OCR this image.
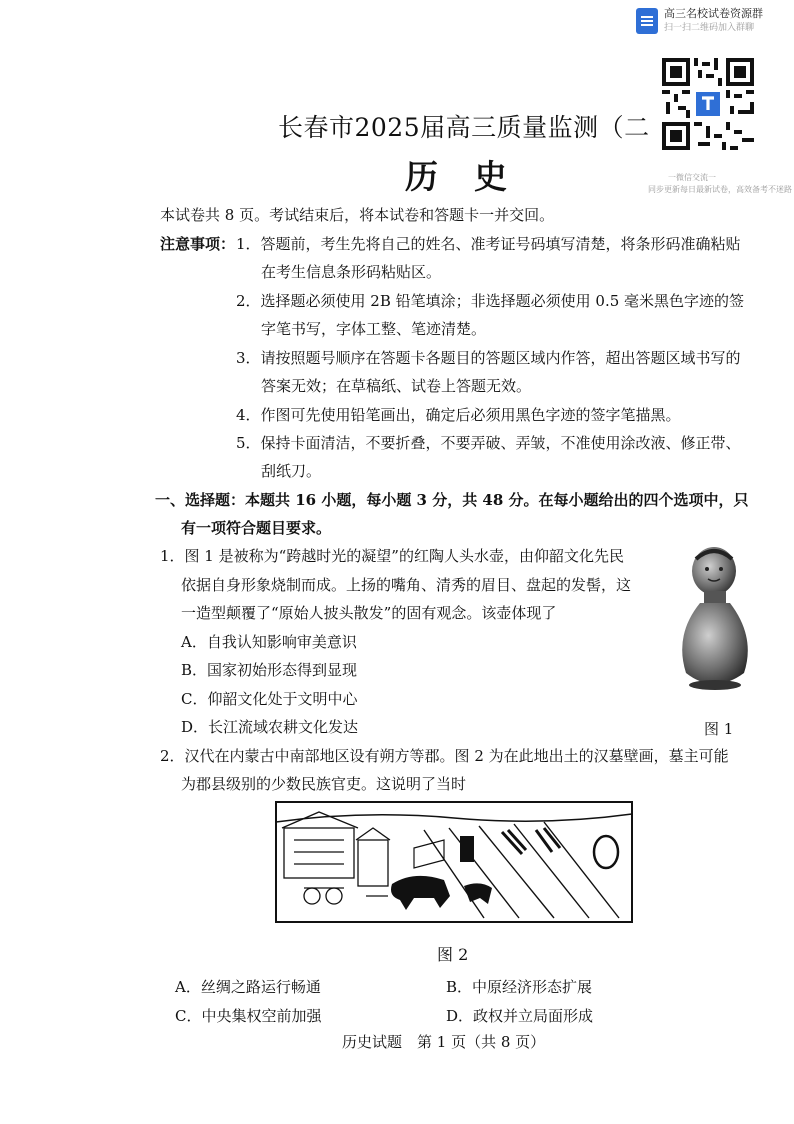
高三名校试卷资源群
扫一扫二维码加入群聊
一微信交流一
同步更新每日最新试卷，高效备考不迷路
长春市2025届高三质量监测（二
历史
本试卷共 8 页。考试结束后，将本试卷和答题卡一并交回。
注意事项： 1．答题前，考生先将自己的姓名、准考证号码填写清楚，将条形码准确粘贴
在考生信息条形码粘贴区。
2．选择题必须使用 2B 铅笔填涂；非选择题必须使用 0.5 毫米黑色字迹的签
字笔书写，字体工整、笔迹清楚。
3．请按照题号顺序在答题卡各题目的答题区域内作答，超出答题区域书写的
答案无效；在草稿纸、试卷上答题无效。
4．作图可先使用铅笔画出，确定后必须用黑色字迹的签字笔描黑。
5．保持卡面清洁，不要折叠，不要弄破、弄皱，不准使用涂改液、修正带、
刮纸刀。
一、选择题：本题共 16 小题，每小题 3 分，共 48 分。在每小题给出的四个选项中，只
有一项符合题目要求。
1．图 1 是被称为“跨越时光的凝望”的红陶人头水壶，由仰韶文化先民
依据自身形象烧制而成。上扬的嘴角、清秀的眉目、盘起的发髻，这
一造型颠覆了“原始人披头散发”的固有观念。该壶体现了
A．自我认知影响审美意识
B．国家初始形态得到显现
C．仰韶文化处于文明中心
D．长江流域农耕文化发达	图 1
2．汉代在内蒙古中南部地区设有朔方等郡。图 2 为在此地出土的汉墓壁画，墓主可能
为郡县级别的少数民族官吏。这说明了当时
图 2
A．丝绸之路运行畅通	B．中原经济形态扩展
C．中央集权空前加强	D．政权并立局面形成
历史试题　第 1 页（共 8 页）
